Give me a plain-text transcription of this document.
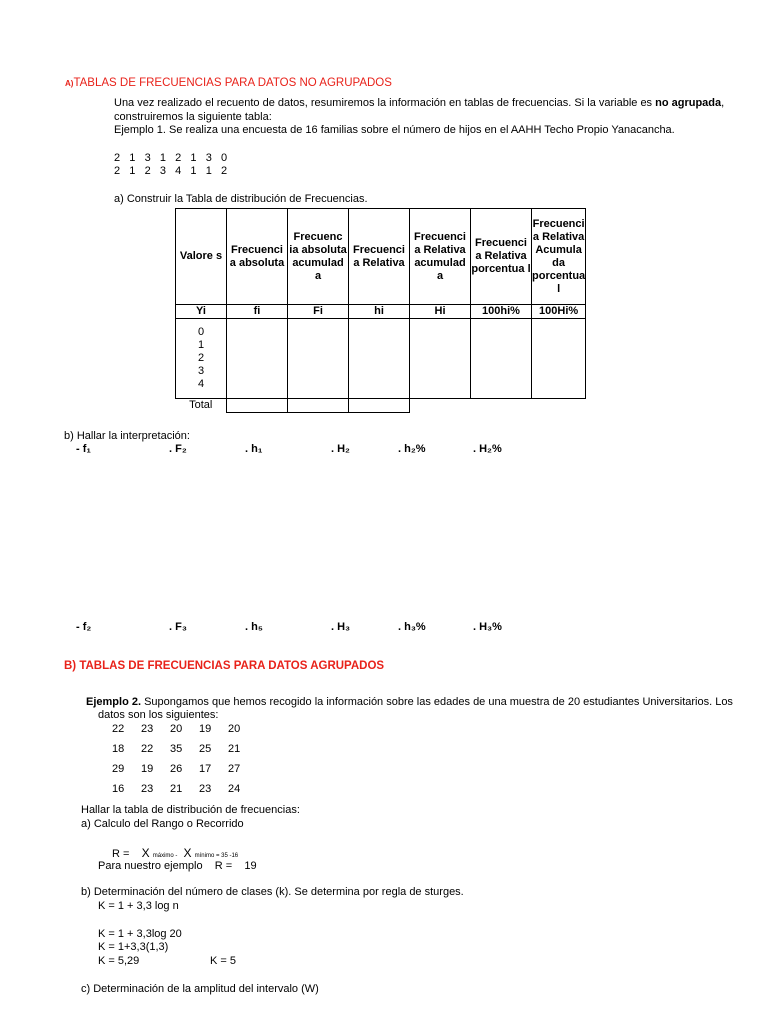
A)TABLAS DE FRECUENCIAS PARA DATOS NO AGRUPADOS
Una vez realizado el recuento de datos, resumiremos la información en tablas de frecuencias. Si la variable es no agrupada,
construiremos la siguiente tabla:
Ejemplo 1. Se realiza una encuesta de 16 familias sobre el número de hijos en el AAHH Techo Propio Yanacancha.
2   1   3   1   2   1   3   0
2   1   2   3   4   1   1   2
a) Construir la Tabla de distribución de Frecuencias.
Valore s	Frecuenci a absoluta	Frecuenc ia absoluta acumulad a	Frecuenci a Relativa	Frecuenci a Relativa acumulad a	Frecuenci a Relativa porcentua l	Frecuenci a Relativa Acumula da porcentua l
Yi	fi	Fi	hi	Hi	100hi%	100Hi%

0
1
2
3
4						

Total						
b) Hallar la interpretación:
- f₁	. F₂	. h₁	. H₂	. h₂%	. H₂%
- f₂	. F₃	. h₅	. H₃	. h₃%	. H₃%
B) TABLAS DE FRECUENCIAS PARA DATOS AGRUPADOS
Ejemplo 2. Supongamos que hemos recogido la información sobre las edades de una muestra de 20 estudiantes Universitarios. Los
datos son los siguientes:
22 23 20 19 20
18 22 35 25 21
29 19 26 17 27
16 23 21 23 24
Hallar la tabla de distribución de frecuencias:
a) Calculo del Rango o Recorrido
R = X máximo - X mínimo = 35 -16
Para nuestro ejemplo    R =    19
b) Determinación del número de clases (k). Se determina por regla de sturges.
K = 1 + 3,3 log n
K = 1 + 3,3log 20
K = 1+3,3(1,3)
K = 5,29	K = 5
c) Determinación de la amplitud del intervalo (W)
